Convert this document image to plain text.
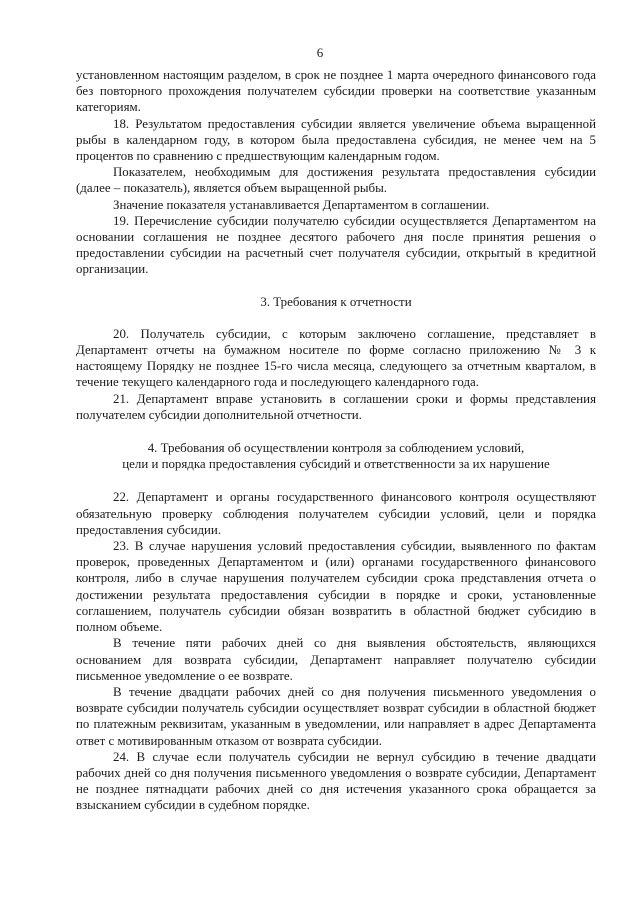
6

установленном настоящим разделом, в срок не позднее 1 марта очередного финансового года без повторного прохождения получателем субсидии проверки на соответствие указанным категориям.

18. Результатом предоставления субсидии является увеличение объема выращенной рыбы в календарном году, в котором была предоставлена субсидия, не менее чем на 5 процентов по сравнению с предшествующим календарным годом.

Показателем, необходимым для достижения результата предоставления субсидии (далее – показатель), является объем выращенной рыбы.

Значение показателя устанавливается Департаментом в соглашении.

19. Перечисление субсидии получателю субсидии осуществляется Департаментом на основании соглашения не позднее десятого рабочего дня после принятия решения о предоставлении субсидии на расчетный счет получателя субсидии, открытый в кредитной организации.

3. Требования к отчетности

20. Получатель субсидии, с которым заключено соглашение, представляет в Департамент отчеты на бумажном носителе по форме согласно приложению № 3 к настоящему Порядку не позднее 15-го числа месяца, следующего за отчетным кварталом, в течение текущего календарного года и последующего календарного года.

21. Департамент вправе установить в соглашении сроки и формы представления получателем субсидии дополнительной отчетности.

4. Требования об осуществлении контроля за соблюдением условий,

цели и порядка предоставления субсидий и ответственности за их нарушение

22. Департамент и органы государственного финансового контроля осуществляют обязательную проверку соблюдения получателем субсидии условий, цели и порядка предоставления субсидии.

23. В случае нарушения условий предоставления субсидии, выявленного по фактам проверок, проведенных Департаментом и (или) органами государственного финансового контроля, либо в случае нарушения получателем субсидии срока представления отчета о достижении результата предоставления субсидии в порядке и сроки, установленные соглашением, получатель субсидии обязан возвратить в областной бюджет субсидию в полном объеме.

В течение пяти рабочих дней со дня выявления обстоятельств, являющихся основанием для возврата субсидии, Департамент направляет получателю субсидии письменное уведомление о ее возврате.

В течение двадцати рабочих дней со дня получения письменного уведомления о возврате субсидии получатель субсидии осуществляет возврат субсидии в областной бюджет по платежным реквизитам, указанным в уведомлении, или направляет в адрес Департамента ответ с мотивированным отказом от возврата субсидии.

24. В случае если получатель субсидии не вернул субсидию в течение двадцати рабочих дней со дня получения письменного уведомления о возврате субсидии, Департамент не позднее пятнадцати рабочих дней со дня истечения указанного срока обращается за взысканием субсидии в судебном порядке.
